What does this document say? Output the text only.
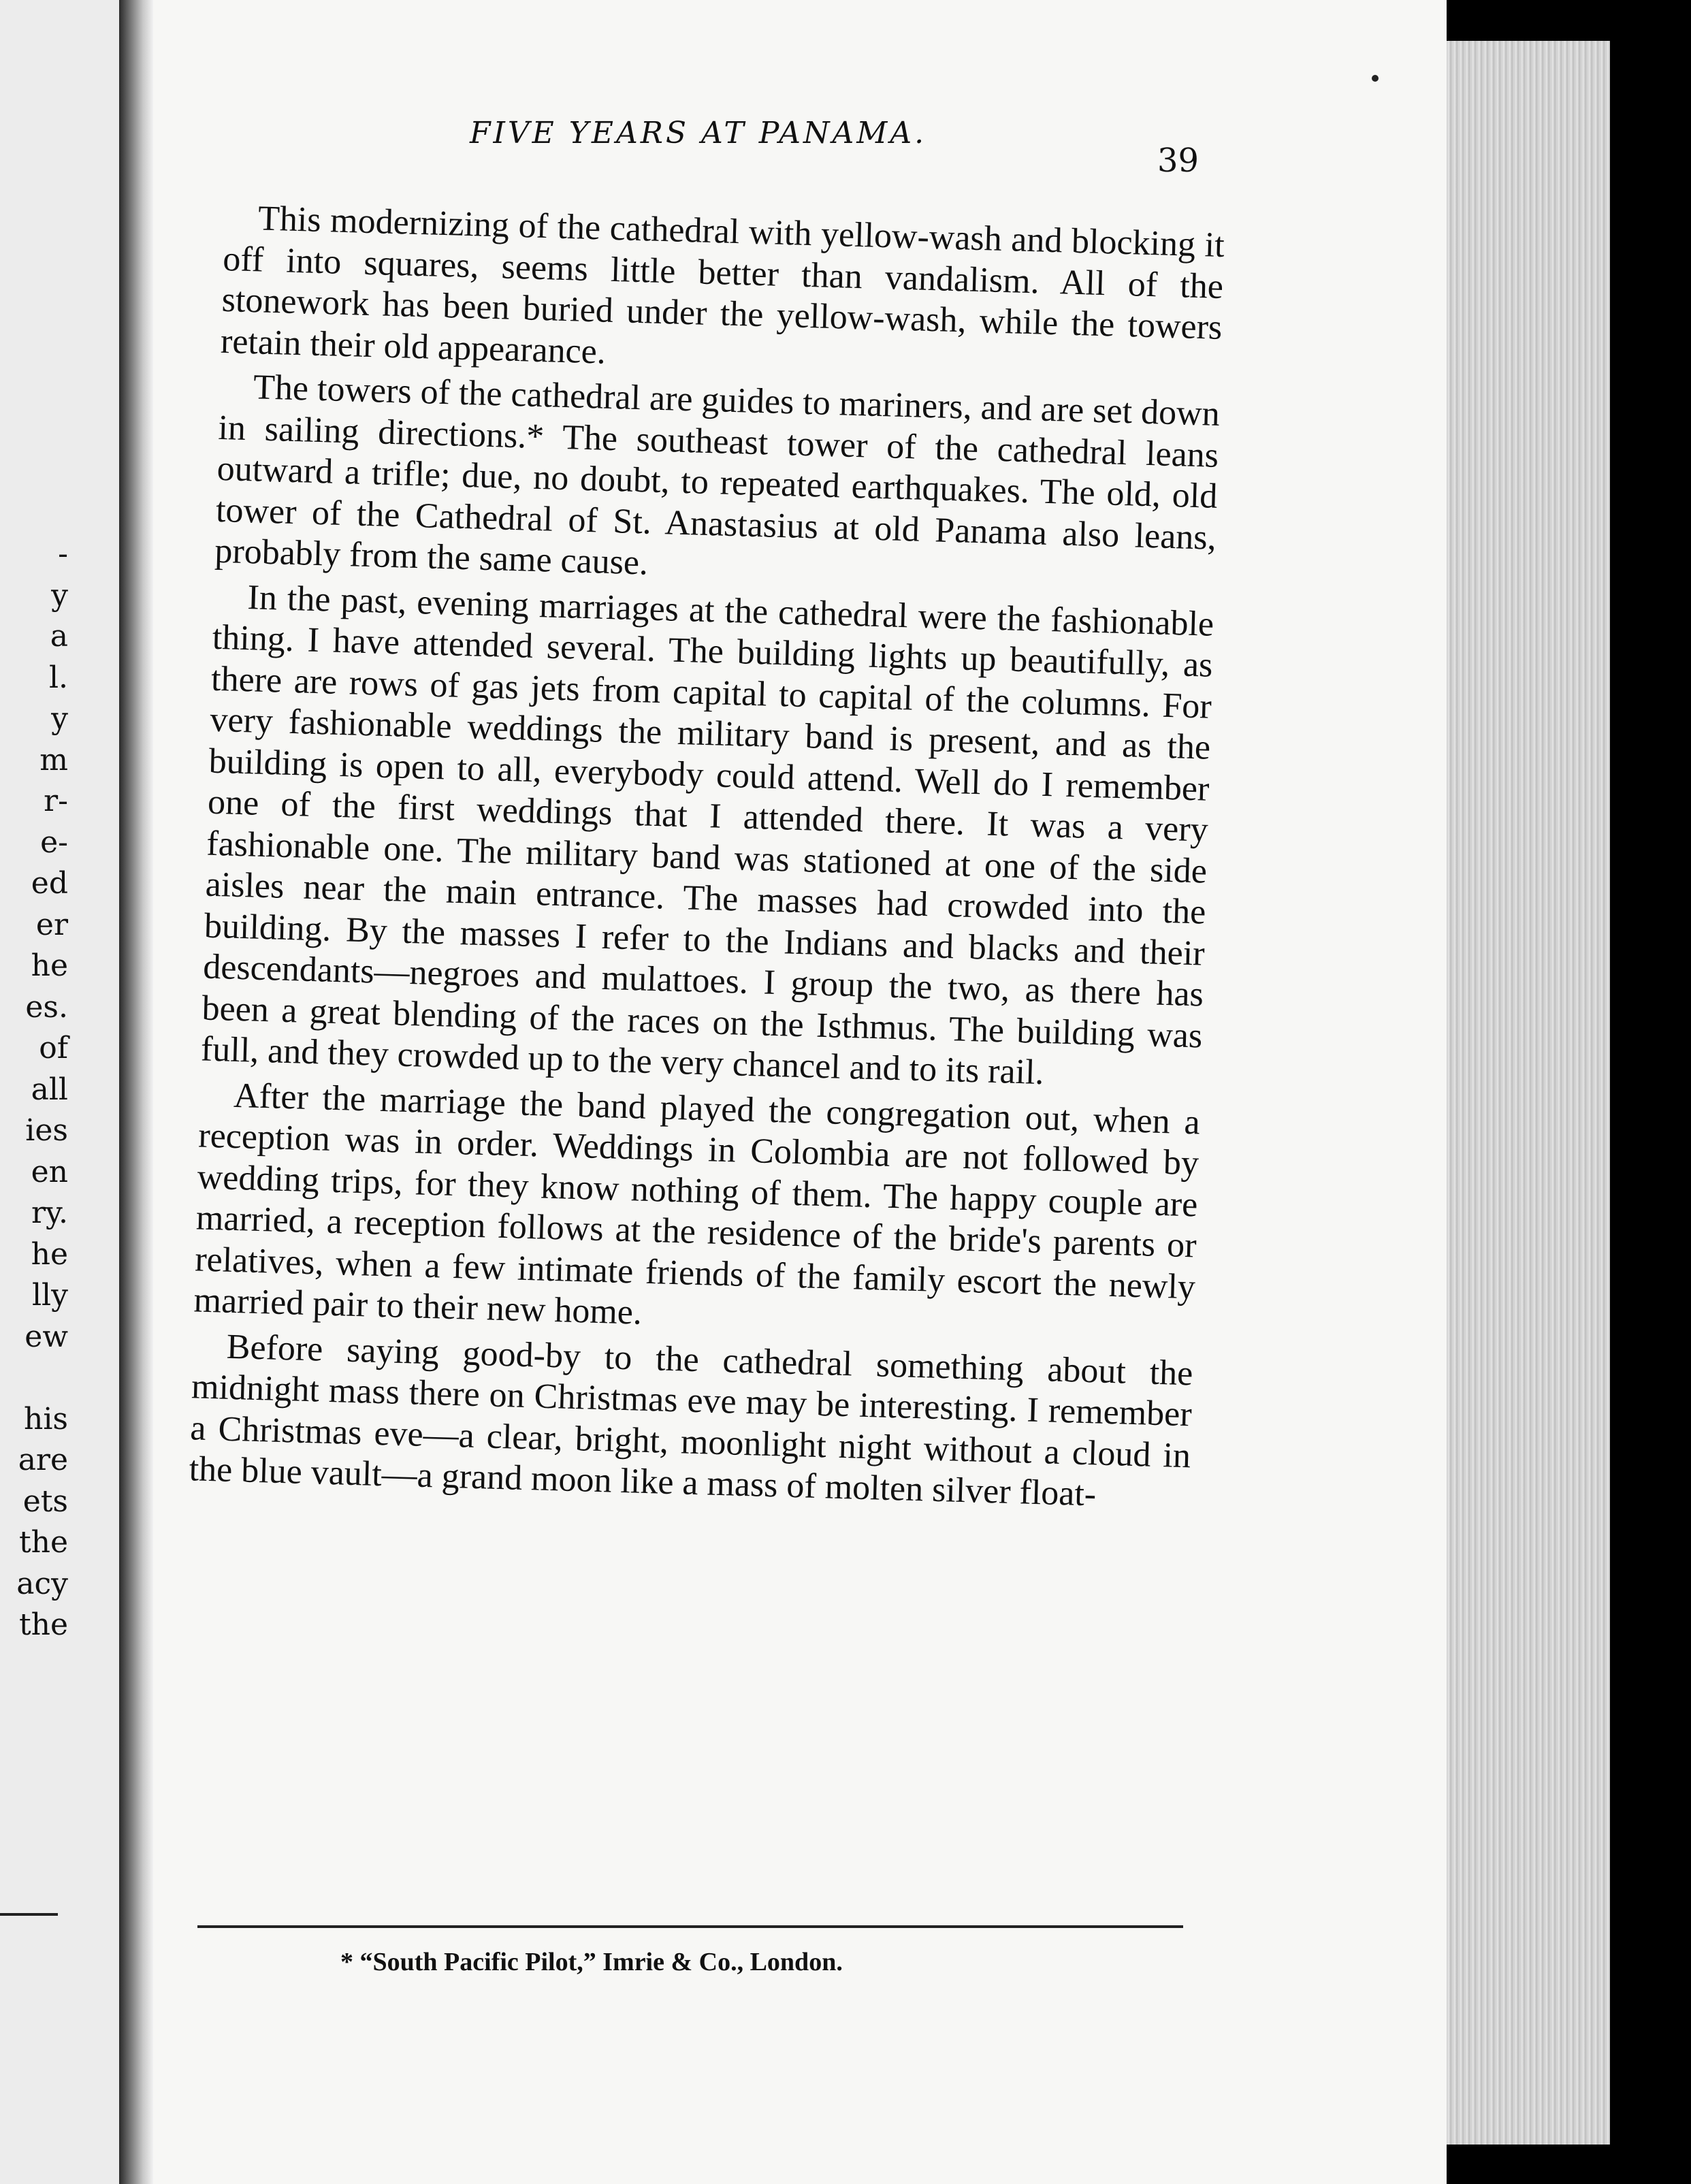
-
y
a
l.
y
m
r-
e-
ed
er
he
es.
of
all
ies
en
ry.
he
lly
ew
his
are
ets
the
acy
the
FIVE YEARS AT PANAMA.
39

This modernizing of the cathedral with yellow-wash and blocking it off into squares, seems little better than vandalism. All of the stonework has been buried under the yellow-wash, while the towers retain their old appearance.

The towers of the cathedral are guides to mariners, and are set down in sailing directions.* The southeast tower of the cathedral leans outward a trifle; due, no doubt, to repeated earthquakes. The old, old tower of the Cathedral of St. Anastasius at old Panama also leans, probably from the same cause.

In the past, evening marriages at the cathedral were the fashionable thing. I have attended several. The building lights up beautifully, as there are rows of gas jets from capital to capital of the columns. For very fashionable weddings the military band is present, and as the building is open to all, everybody could attend. Well do I remember one of the first weddings that I attended there. It was a very fashionable one. The military band was stationed at one of the side aisles near the main entrance. The masses had crowded into the building. By the masses I refer to the Indians and blacks and their descendants—negroes and mulattoes. I group the two, as there has been a great blending of the races on the Isthmus. The building was full, and they crowded up to the very chancel and to its rail.

After the marriage the band played the congregation out, when a reception was in order. Weddings in Colombia are not followed by wedding trips, for they know nothing of them. The happy couple are married, a reception follows at the residence of the bride's parents or relatives, when a few intimate friends of the family escort the newly married pair to their new home.

Before saying good-by to the cathedral something about the midnight mass there on Christmas eve may be interesting. I remember a Christmas eve—a clear, bright, moonlight night without a cloud in the blue vault—a grand moon like a mass of molten silver float-

* “South Pacific Pilot,” Imrie & Co., London.
